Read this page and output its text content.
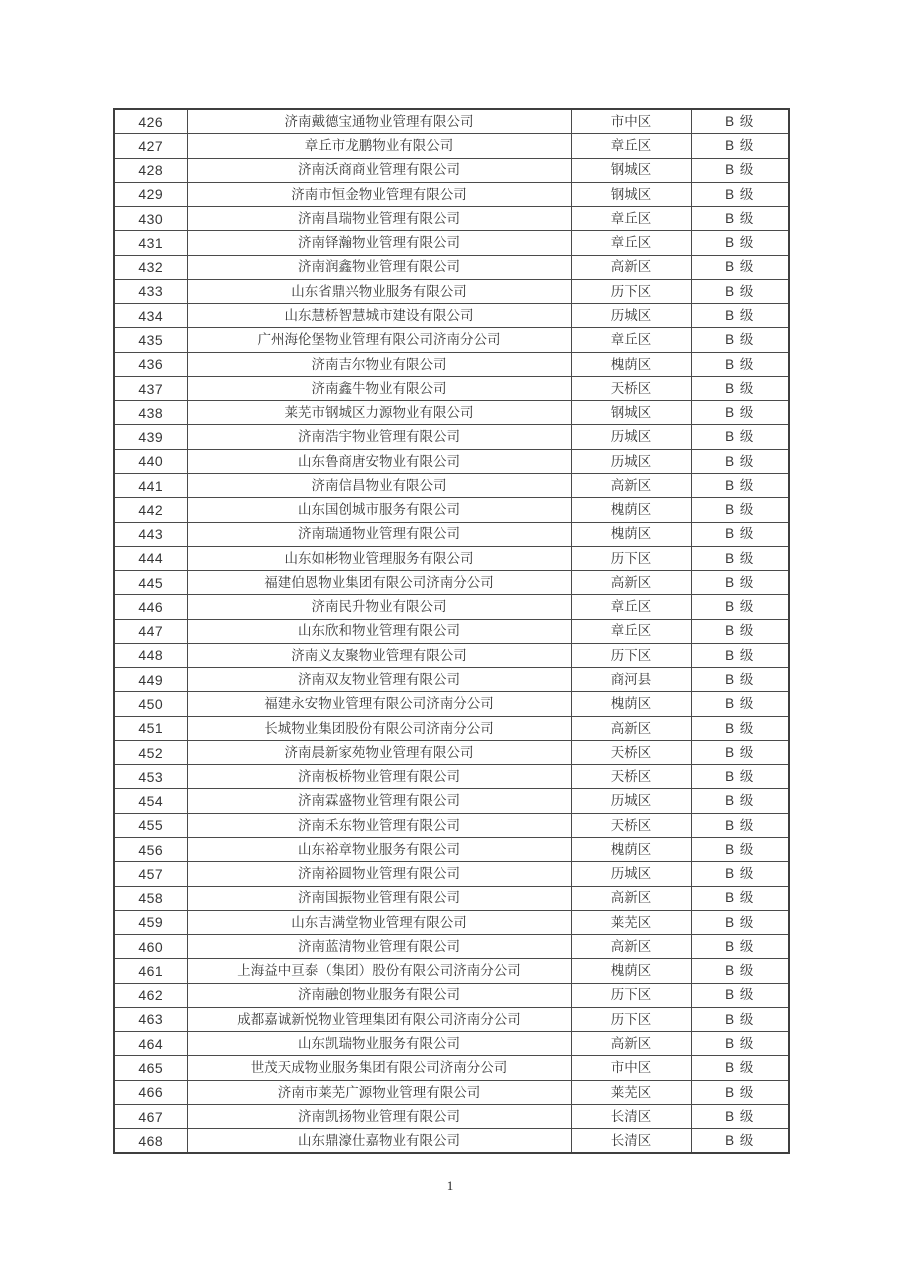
426	济南戴德宝通物业管理有限公司	市中区	B 级
427	章丘市龙鹏物业有限公司	章丘区	B 级
428	济南沃商商业管理有限公司	钢城区	B 级
429	济南市恒金物业管理有限公司	钢城区	B 级
430	济南昌瑞物业管理有限公司	章丘区	B 级
431	济南铎瀚物业管理有限公司	章丘区	B 级
432	济南润鑫物业管理有限公司	高新区	B 级
433	山东省鼎兴物业服务有限公司	历下区	B 级
434	山东慧桥智慧城市建设有限公司	历城区	B 级
435	广州海伦堡物业管理有限公司济南分公司	章丘区	B 级
436	济南吉尔物业有限公司	槐荫区	B 级
437	济南鑫牛物业有限公司	天桥区	B 级
438	莱芜市钢城区力源物业有限公司	钢城区	B 级
439	济南浩宇物业管理有限公司	历城区	B 级
440	山东鲁商唐安物业有限公司	历城区	B 级
441	济南信昌物业有限公司	高新区	B 级
442	山东国创城市服务有限公司	槐荫区	B 级
443	济南瑞通物业管理有限公司	槐荫区	B 级
444	山东如彬物业管理服务有限公司	历下区	B 级
445	福建伯恩物业集团有限公司济南分公司	高新区	B 级
446	济南民升物业有限公司	章丘区	B 级
447	山东欣和物业管理有限公司	章丘区	B 级
448	济南义友聚物业管理有限公司	历下区	B 级
449	济南双友物业管理有限公司	商河县	B 级
450	福建永安物业管理有限公司济南分公司	槐荫区	B 级
451	长城物业集团股份有限公司济南分公司	高新区	B 级
452	济南晨新家苑物业管理有限公司	天桥区	B 级
453	济南板桥物业管理有限公司	天桥区	B 级
454	济南霖盛物业管理有限公司	历城区	B 级
455	济南禾东物业管理有限公司	天桥区	B 级
456	山东裕章物业服务有限公司	槐荫区	B 级
457	济南裕圆物业管理有限公司	历城区	B 级
458	济南国振物业管理有限公司	高新区	B 级
459	山东吉满堂物业管理有限公司	莱芜区	B 级
460	济南蓝清物业管理有限公司	高新区	B 级
461	上海益中亘泰（集团）股份有限公司济南分公司	槐荫区	B 级
462	济南融创物业服务有限公司	历下区	B 级
463	成都嘉诚新悦物业管理集团有限公司济南分公司	历下区	B 级
464	山东凯瑞物业服务有限公司	高新区	B 级
465	世茂天成物业服务集团有限公司济南分公司	市中区	B 级
466	济南市莱芜广源物业管理有限公司	莱芜区	B 级
467	济南凯扬物业管理有限公司	长清区	B 级
468	山东鼎濠仕嘉物业有限公司	长清区	B 级
1
